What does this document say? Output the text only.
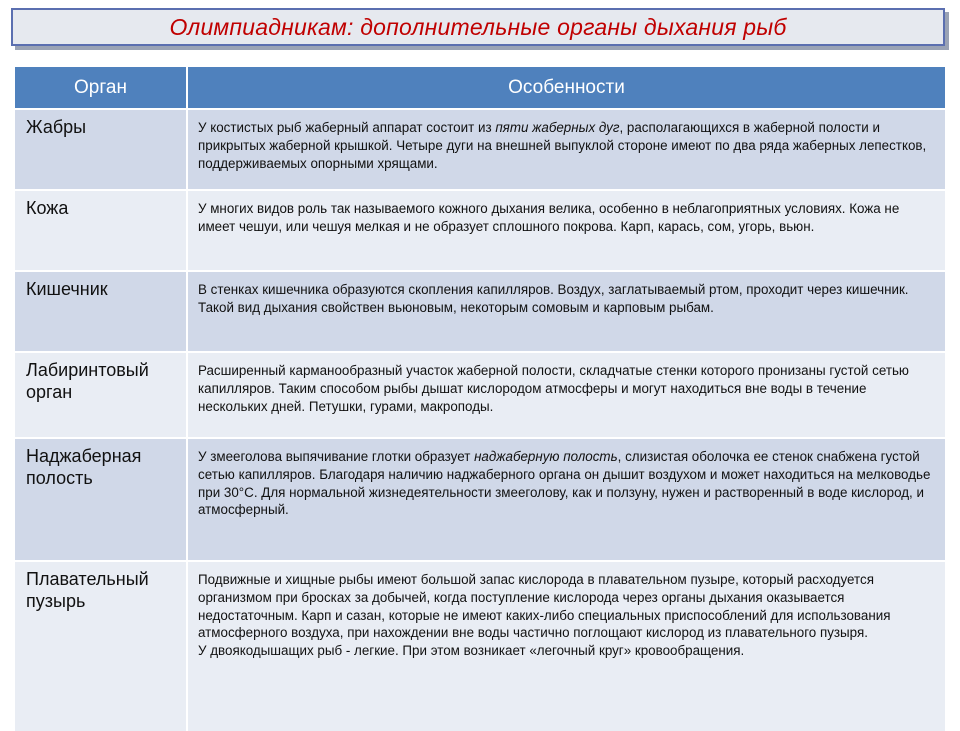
Олимпиадникам: дополнительные органы дыхания рыб
Орган	Особенности
Жабры	У костистых рыб жаберный аппарат состоит из пяти жаберных дуг, располагающихся в жаберной полости и прикрытых жаберной крышкой. Четыре дуги на внешней выпуклой стороне имеют по два ряда жаберных лепестков, поддерживаемых опорными хрящами.

Кожа	У многих видов роль так называемого кожного дыхания велика, особенно в неблагоприятных условиях. Кожа не имеет чешуи, или чешуя мелкая и не образует сплошного покрова. Карп, карась, сом, угорь, вьюн.

Кишечник	В стенках кишечника образуются скопления капилляров. Воздух, заглатываемый ртом, проходит через кишечник. Такой вид дыхания свойствен вьюновым, некоторым сомовым и карповым рыбам.

Лабиринтовый орган	Расширенный карманообразный участок жаберной полости, складчатые стенки которого пронизаны густой сетью капилляров. Таким способом рыбы дышат кислородом атмосферы и могут находиться вне воды в течение нескольких дней. Петушки, гурами, макроподы.

Наджаберная полость	У змееголова выпячивание глотки образует наджаберную полость, слизистая оболочка ее стенок снабжена густой сетью капилляров. Благодаря наличию наджаберного органа он дышит воздухом и может находиться на мелководье при 30°С. Для нормальной жизнедеятельности змееголову, как и ползуну, нужен и растворенный в воде кислород, и атмосферный.

Плавательный пузырь	Подвижные и хищные рыбы имеют большой запас кислорода в плавательном пузыре, который расходуется организмом при бросках за добычей, когда поступление кислорода через органы дыхания оказывается недостаточным. Карп и сазан, которые не имеют каких-либо специальных приспособлений для использования атмосферного воздуха, при нахождении вне воды частично поглощают кислород из плавательного пузыря.

У двоякодышащих рыб - легкие. При этом возникает «легочный круг» кровообращения.
